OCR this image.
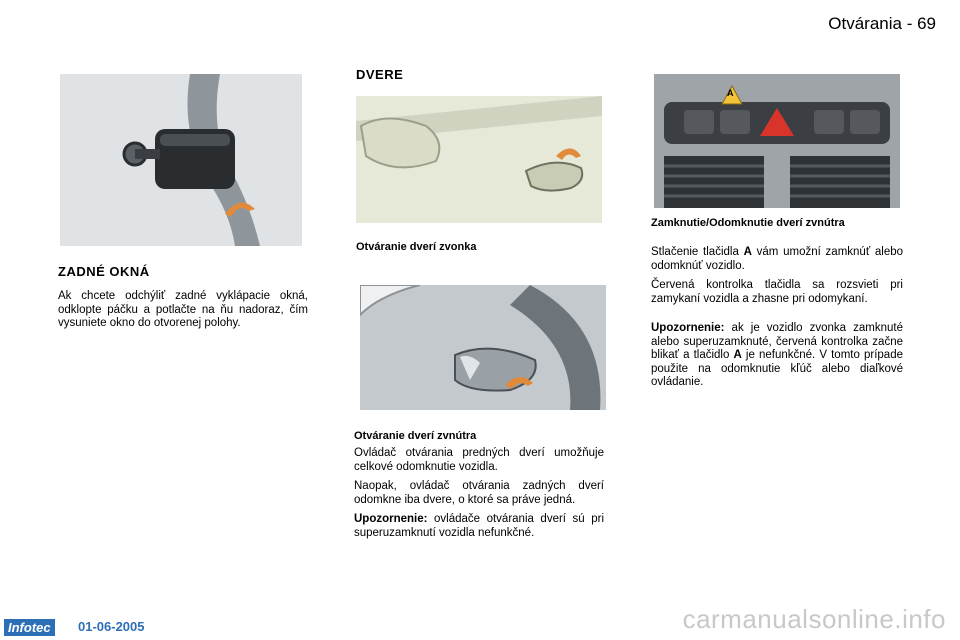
Otvárania - 69
ZADNÉ OKNÁ

Ak chcete odchýliť zadné vyklápacie okná, odklopte páčku a potlačte na ňu nadoraz, čím vysuniete okno do otvorenej polohy.

DVERE
Otváranie dverí zvonka
Otváranie dverí zvnútra

Ovládač otvárania predných dverí umožňuje celkové odomknutie vozidla.

Naopak, ovládač otvárania zadných dverí odomkne iba dvere, o ktoré sa práve jedná.

Upozornenie: ovládače otvárania dverí sú pri superuzamknutí vozidla nefunkčné.

A
Zamknutie/Odomknutie dverí zvnútra

Stlačenie tlačidla A vám umožní zamknúť alebo odomknúť vozidlo.

Červená kontrolka tlačidla sa rozsvieti pri zamykaní vozidla a zhasne pri odomykaní.

Upozornenie: ak je vozidlo zvonka zamknuté alebo superuzamknuté, červená kontrolka začne blikať a tlačidlo A je nefunkčné. V tomto prípade použite na odomknutie kľúč alebo diaľkové ovládanie.

Infotec	01-06-2005	carmanualsonline.info
